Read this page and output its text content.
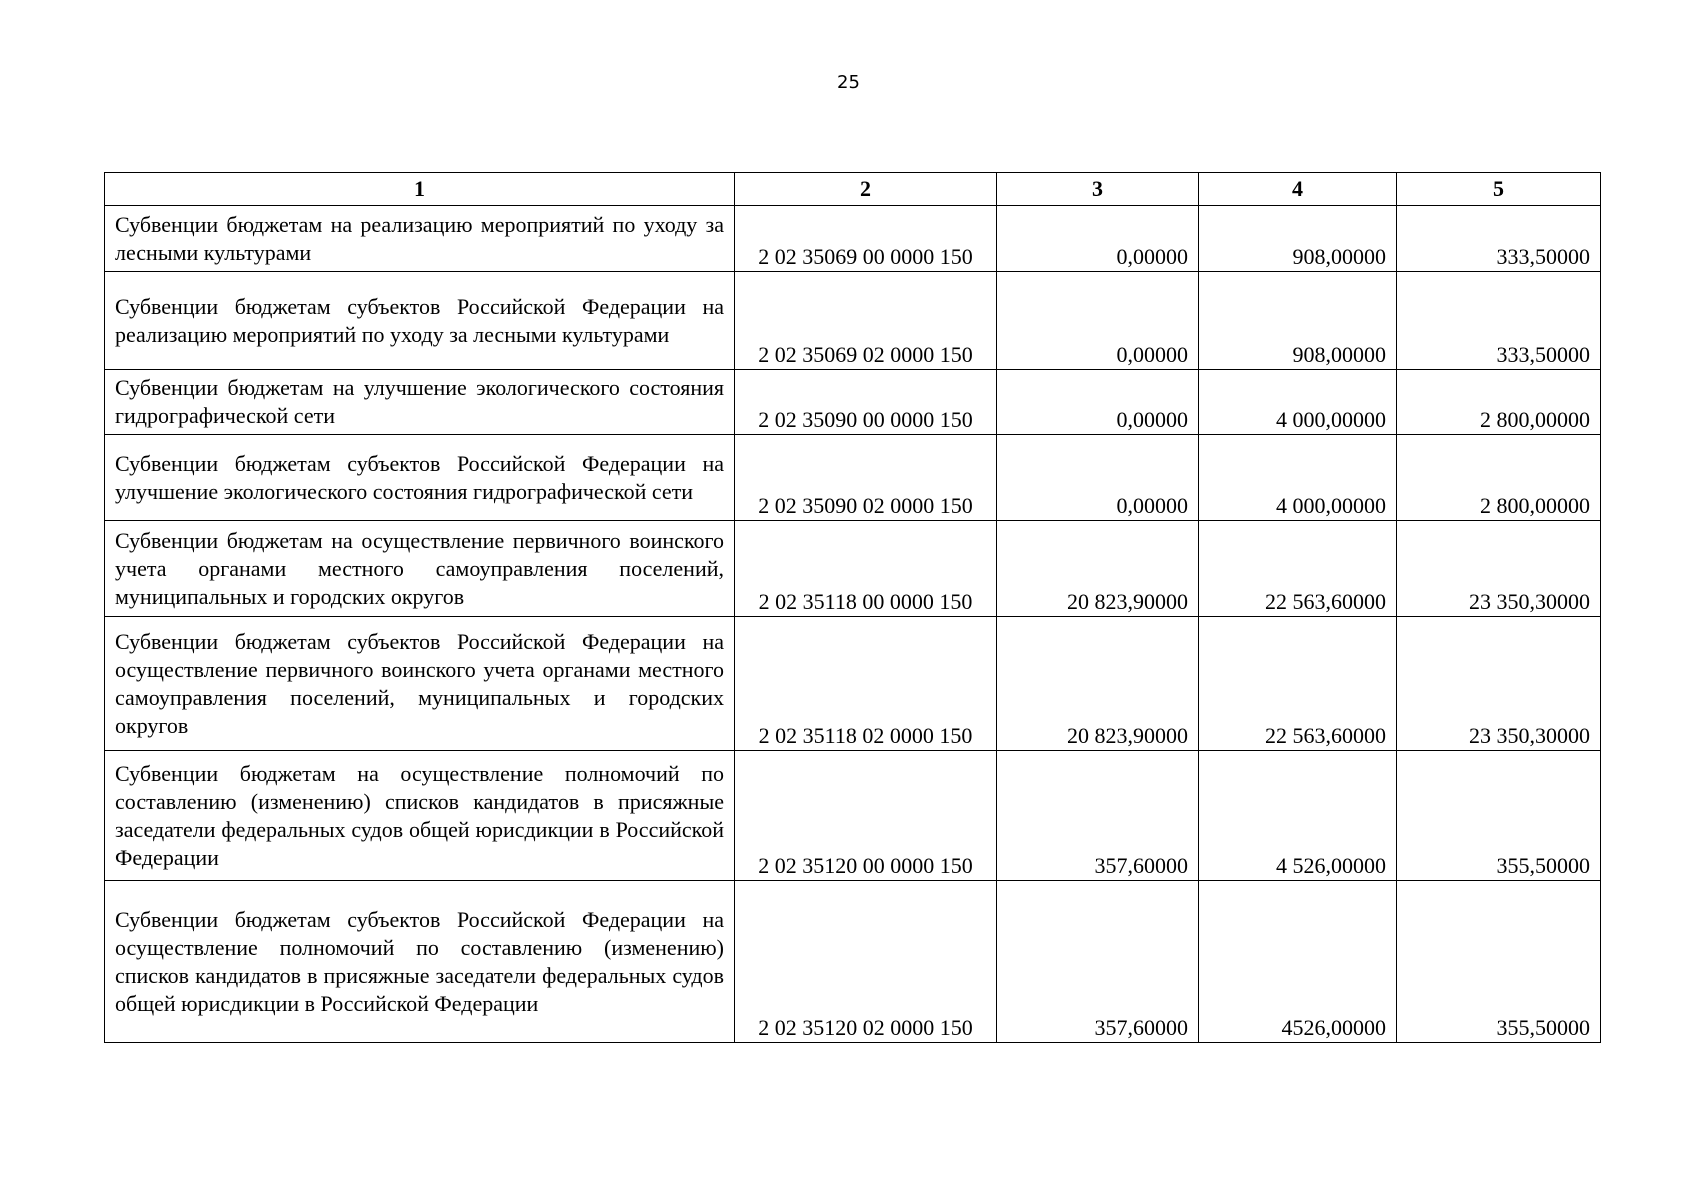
25
1	2	3	4	5
Субвенции бюджетам на реализацию мероприятий по уходу за лесными культурами	2 02 35069 00 0000 150	0,00000	908,00000	333,50000
Субвенции бюджетам субъектов Российской Федерации на реализацию мероприятий по уходу за лесными культурами	2 02 35069 02 0000 150	0,00000	908,00000	333,50000
Субвенции бюджетам на улучшение экологического состояния гидрографической сети	2 02 35090 00 0000 150	0,00000	4 000,00000	2 800,00000
Субвенции бюджетам субъектов Российской Федерации на улучшение экологического состояния гидрографической сети	2 02 35090 02 0000 150	0,00000	4 000,00000	2 800,00000
Субвенции бюджетам на осуществление первичного воинского учета органами местного самоуправления поселений, муниципальных и городских округов	2 02 35118 00 0000 150	20 823,90000	22 563,60000	23 350,30000
Субвенции бюджетам субъектов Российской Федерации на осуществление первичного воинского учета органами местного самоуправления поселений, муниципальных и городских округов	2 02 35118 02 0000 150	20 823,90000	22 563,60000	23 350,30000
Субвенции бюджетам на осуществление полномочий по составлению (изменению) списков кандидатов в присяжные заседатели федеральных судов общей юрисдикции в Российской Федерации	2 02 35120 00 0000 150	357,60000	4 526,00000	355,50000
Субвенции бюджетам субъектов Российской Федерации на осуществление полномочий по составлению (изменению) списков кандидатов в присяжные заседатели федеральных судов общей юрисдикции в Российской Федерации	2 02 35120 02 0000 150	357,60000	4526,00000	355,50000
